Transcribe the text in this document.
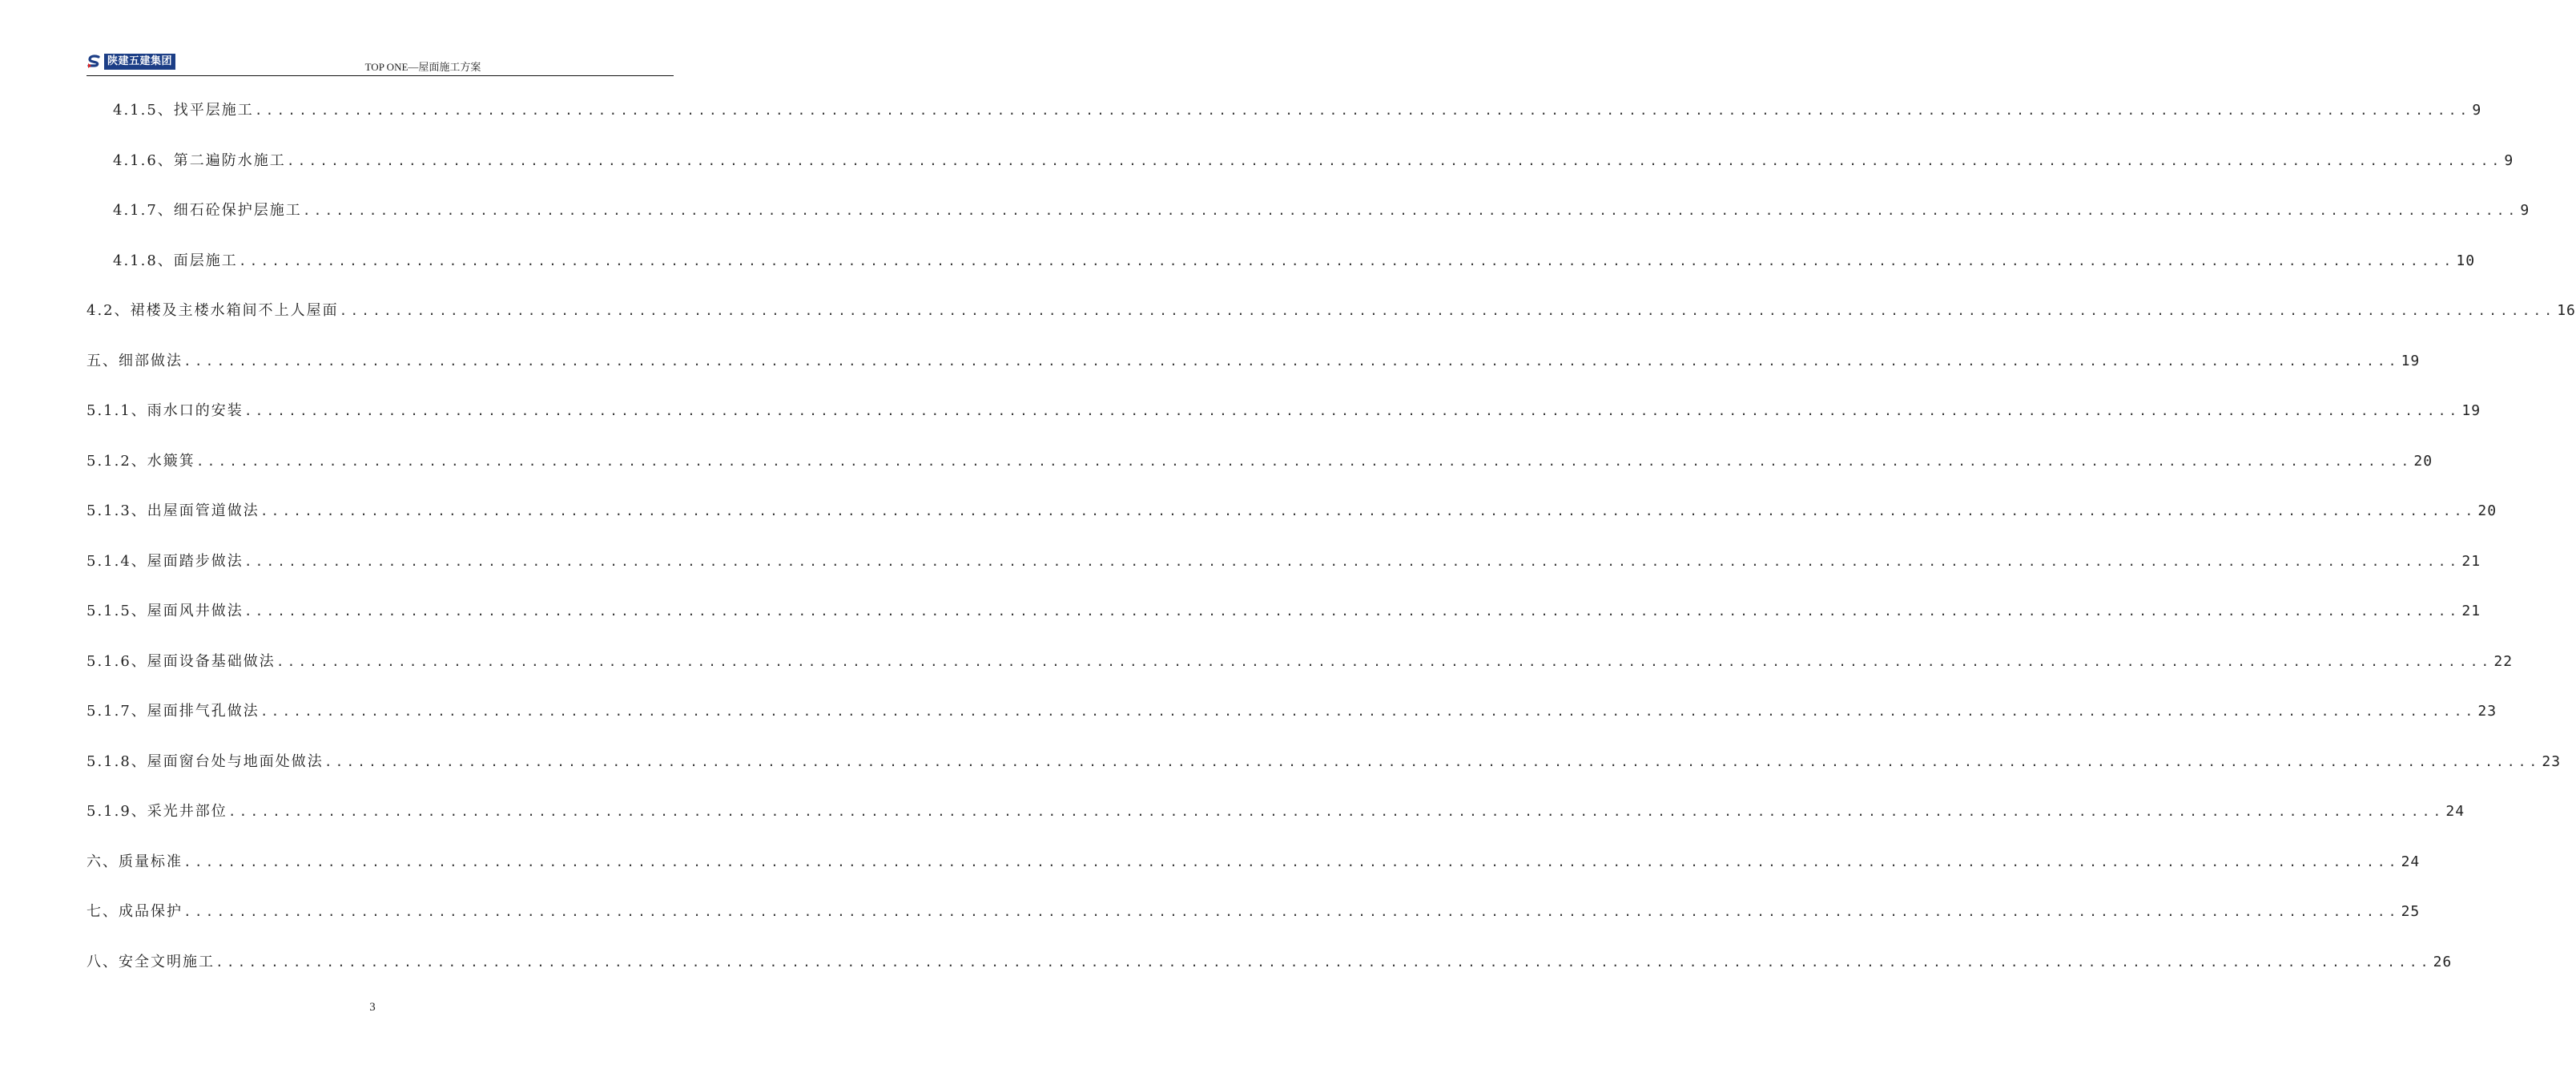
陕建五建集团	TOP ONE—屋面施工方案
4.1.5、找平层施工 ........................................................................................................................................................................................................ 9
4.1.6、第二遍防水施工 ........................................................................................................................................................................................................ 9
4.1.7、细石砼保护层施工 ........................................................................................................................................................................................................ 9
4.1.8、面层施工 ........................................................................................................................................................................................................ 10
4.2、裙楼及主楼水箱间不上人屋面 ........................................................................................................................................................................................................ 16
五、细部做法 ........................................................................................................................................................................................................ 19
5.1.1、雨水口的安装 ........................................................................................................................................................................................................ 19
5.1.2、水簸箕 ........................................................................................................................................................................................................ 20
5.1.3、出屋面管道做法 ........................................................................................................................................................................................................ 20
5.1.4、屋面踏步做法 ........................................................................................................................................................................................................ 21
5.1.5、屋面风井做法 ........................................................................................................................................................................................................ 21
5.1.6、屋面设备基础做法 ........................................................................................................................................................................................................ 22
5.1.7、屋面排气孔做法 ........................................................................................................................................................................................................ 23
5.1.8、屋面窗台处与地面处做法 ........................................................................................................................................................................................................ 23
5.1.9、采光井部位 ........................................................................................................................................................................................................ 24
六、质量标准 ........................................................................................................................................................................................................ 24
七、成品保护 ........................................................................................................................................................................................................ 25
八、安全文明施工 ........................................................................................................................................................................................................ 26
3
